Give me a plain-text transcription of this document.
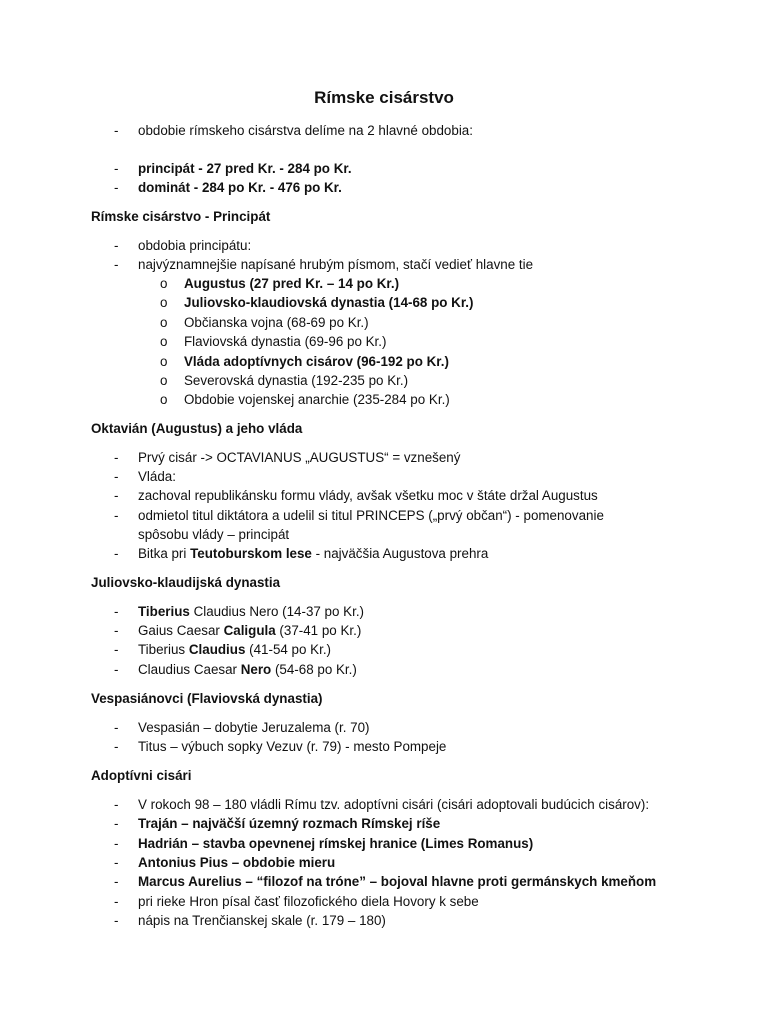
Rímske cisárstvo
- obdobie rímskeho cisárstva delíme na 2 hlavné obdobia:
- principát - 27 pred Kr. - 284 po Kr.
- dominát - 284 po Kr. - 476 po Kr.
Rímske cisárstvo - Principát
- obdobia principátu:
- najvýznamnejšie napísané hrubým písmom, stačí vedieť hlavne tie
o Augustus (27 pred Kr. – 14 po Kr.)
o Juliovsko-klaudiovská dynastia (14-68 po Kr.)
o Občianska vojna (68-69 po Kr.)
o Flaviovská dynastia (69-96 po Kr.)
o Vláda adoptívnych cisárov (96-192 po Kr.)
o Severovská dynastia (192-235 po Kr.)
o Obdobie vojenskej anarchie (235-284 po Kr.)
Oktavián (Augustus) a jeho vláda
- Prvý cisár -> OCTAVIANUS „AUGUSTUS“ = vznešený
- Vláda:
- zachoval republikánsku formu vlády, avšak všetku moc v štáte držal Augustus
- odmietol titul diktátora a udelil si titul PRINCEPS („prvý občan“) - pomenovanie
spôsobu vlády – principát
- Bitka pri Teutoburskom lese - najväčšia Augustova prehra
Juliovsko-klaudijská dynastia
- Tiberius Claudius Nero (14-37 po Kr.)
- Gaius Caesar Caligula (37-41 po Kr.)
- Tiberius Claudius (41-54 po Kr.)
- Claudius Caesar Nero (54-68 po Kr.)
Vespasiánovci (Flaviovská dynastia)
- Vespasián – dobytie Jeruzalema (r. 70)
- Titus – výbuch sopky Vezuv (r. 79) - mesto Pompeje
Adoptívni cisári
- V rokoch 98 – 180 vládli Rímu tzv. adoptívni cisári (cisári adoptovali budúcich cisárov):
- Traján – najväčší územný rozmach Rímskej ríše
- Hadrián – stavba opevnenej rímskej hranice (Limes Romanus)
- Antonius Pius – obdobie mieru
- Marcus Aurelius – “filozof na tróne” – bojoval hlavne proti germánskych kmeňom
- pri rieke Hron písal časť filozofického diela Hovory k sebe
- nápis na Trenčianskej skale (r. 179 – 180)
